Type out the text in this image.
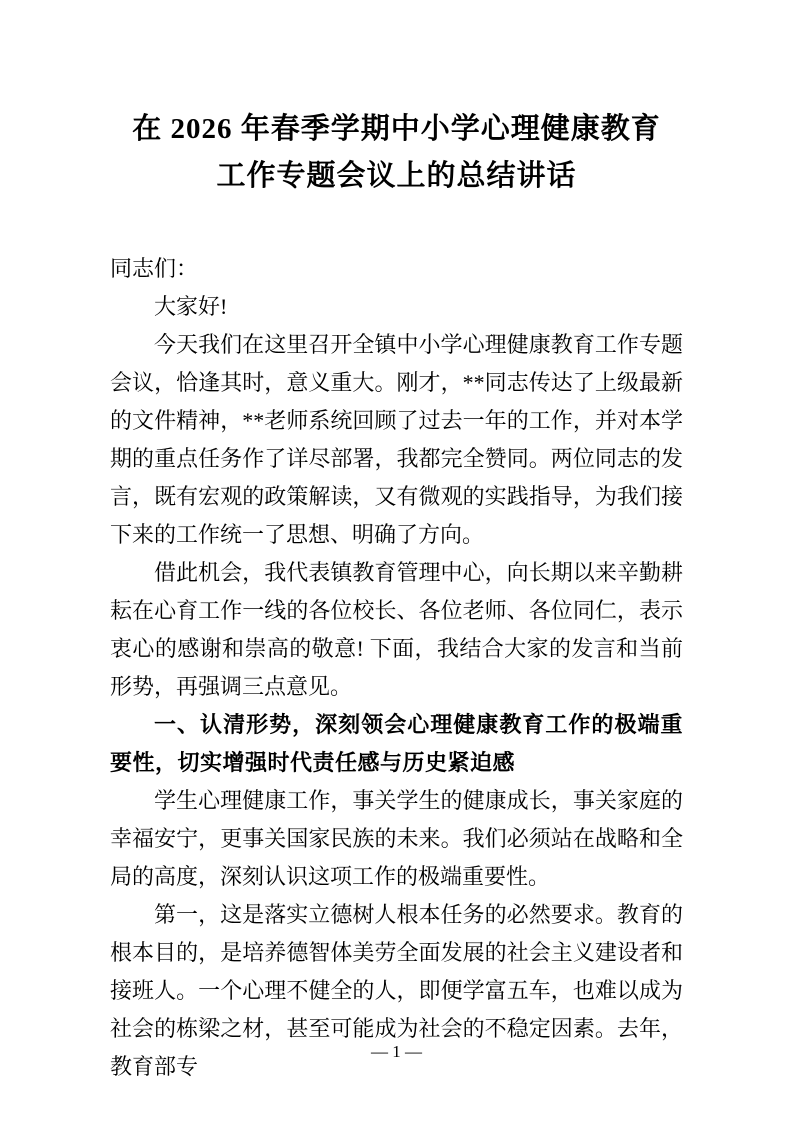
在 2026 年春季学期中小学心理健康教育
工作专题会议上的总结讲话

同志们：

大家好!

今天我们在这里召开全镇中小学心理健康教育工作专题会议，恰逢其时，意义重大。刚才，**同志传达了上级最新的文件精神，**老师系统回顾了过去一年的工作，并对本学期的重点任务作了详尽部署，我都完全赞同。两位同志的发言，既有宏观的政策解读，又有微观的实践指导，为我们接下来的工作统一了思想、明确了方向。

借此机会，我代表镇教育管理中心，向长期以来辛勤耕耘在心育工作一线的各位校长、各位老师、各位同仁，表示衷心的感谢和崇高的敬意! 下面，我结合大家的发言和当前形势，再强调三点意见。

一、认清形势，深刻领会心理健康教育工作的极端重要性，切实增强时代责任感与历史紧迫感

学生心理健康工作，事关学生的健康成长，事关家庭的幸福安宁，更事关国家民族的未来。我们必须站在战略和全局的高度，深刻认识这项工作的极端重要性。

第一，这是落实立德树人根本任务的必然要求。教育的根本目的，是培养德智体美劳全面发展的社会主义建设者和接班人。一个心理不健全的人，即便学富五车，也难以成为社会的栋梁之材，甚至可能成为社会的不稳定因素。去年，教育部专

— 1 —
